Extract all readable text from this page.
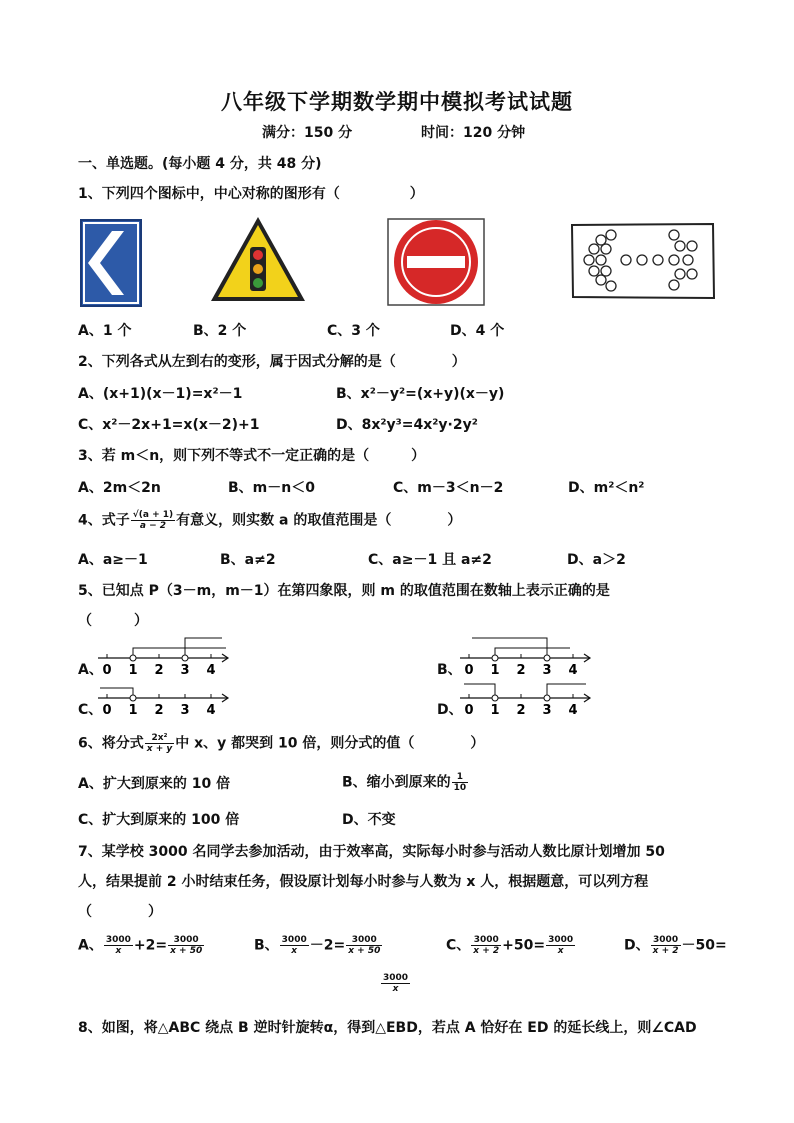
八年级下学期数学期中模拟考试试题
满分：150 分	时间：120 分钟
一、单选题。(每小题 4 分，共 48 分)
1、下列四个图标中，中心对称的图形有（　　　　　）
A、1 个	B、2 个	C、3 个	D、4 个
2、下列各式从左到右的变形，属于因式分解的是（　　　　）
A、(x+1)(x－1)=x²－1	B、x²－y²=(x+y)(x－y)
C、x²－2x+1=x(x－2)+1	D、8x²y³=4x²y·2y²
3、若 m＜n，则下列不等式不一定正确的是（　　　）
A、2m＜2n	B、m－n＜0	C、m－3＜n－2	D、m²＜n²
4、式子 $\frac{√(a + 1)}{a - 2}$ 有意义，则实数 a 的取值范围是（　　　　）
A、a≥－1	B、a≠2	C、a≥－1 且 a≠2	D、a＞2
5、已知点 P（3－m，m－1）在第四象限，则 m 的取值范围在数轴上表示正确的是
（　　　）
A、	B、
C、	D、
0 1 2 3 4	0 1 2 3 4
0 1 2 3 4	0 1 2 3 4
6、将分式 $\frac{\text{2x²}}{x + y}$ 中 x、y 都哭到 10 倍，则分式的值（　　　　）
A、扩大到原来的 10 倍	B、缩小到原来的 $\frac{1}{10}$
C、扩大到原来的 100 倍	D、不变
7、某学校 3000 名同学去参加活动，由于效率高，实际每小时参与活动人数比原计划增加 50
人，结果提前 2 小时结束任务，假设原计划每小时参与人数为 x 人，根据题意，可以列方程
（　　　　）
A、 $\frac{3000}{x} +2= \frac{3000}{x + 50}$	B、 $\frac{3000}{x} -2= \frac{3000}{x + 50}$	C、 $\frac{3000}{x + 2} +50= \frac{3000}{x}$	D、 $\frac{3000}{x + 2} -50=$
$\frac{3000}{x}$
8、如图，将△ABC 绕点 B 逆时针旋转α，得到△EBD，若点 A 恰好在 ED 的延长线上，则∠CAD
